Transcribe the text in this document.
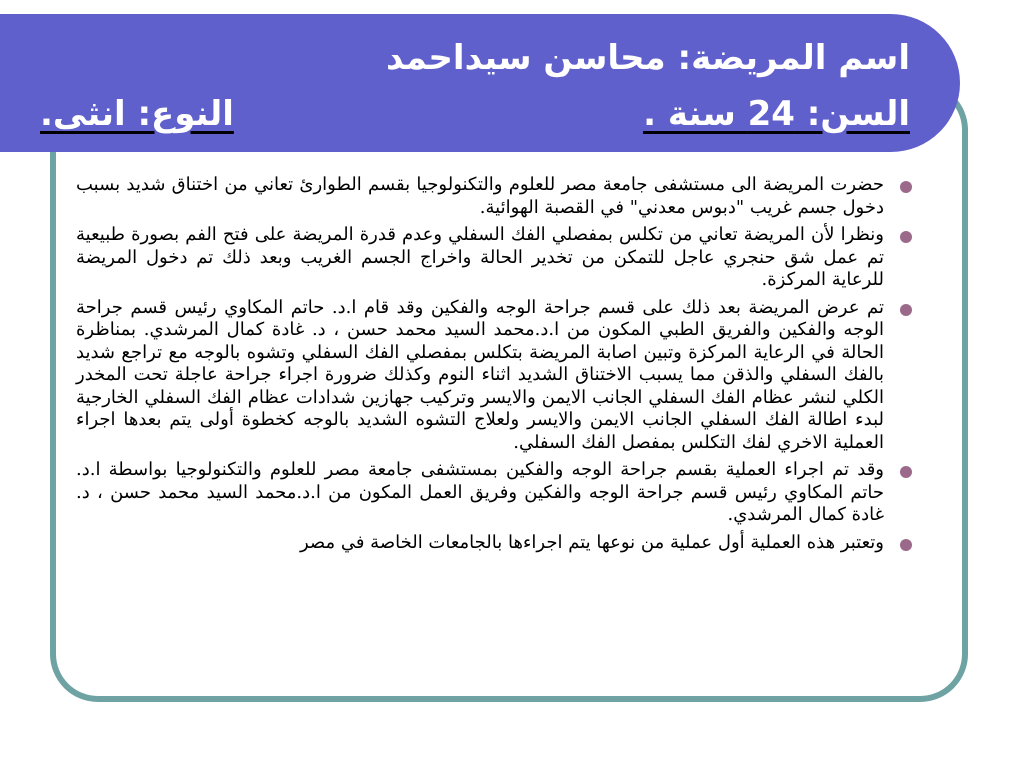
اسم المريضة: محاسن سيداحمد
السن: 24 سنة .
النوع: انثى.
حضرت المريضة الى مستشفى جامعة مصر للعلوم والتكنولوجيا بقسم الطوارئ تعاني من اختناق شديد بسبب دخول جسم غريب "دبوس معدني" في القصبة الهوائية.
ونظرا لأن المريضة تعاني من تكلس بمفصلي الفك السفلي وعدم قدرة المريضة على فتح الفم بصورة طبيعية تم عمل شق حنجري عاجل للتمكن من تخدير الحالة واخراج الجسم الغريب وبعد ذلك تم دخول المريضة للرعاية المركزة.
تم عرض المريضة بعد ذلك على قسم جراحة الوجه والفكين وقد قام ا.د. حاتم المكاوي رئيس قسم جراحة الوجه والفكين والفريق الطبي المكون من ا.د.محمد السيد محمد حسن ، د. غادة كمال المرشدي. بمناظرة الحالة في الرعاية المركزة وتبين اصابة المريضة بتكلس بمفصلي الفك السفلي وتشوه بالوجه مع تراجع شديد بالفك السفلي والذقن مما يسبب الاختناق الشديد اثناء النوم وكذلك ضرورة اجراء جراحة عاجلة تحت المخدر الكلي لنشر عظام الفك السفلي الجانب الايمن والايسر وتركيب جهازين شدادات عظام الفك السفلي الخارجية لبدء اطالة الفك السفلي الجانب الايمن والايسر ولعلاج التشوه الشديد بالوجه كخطوة أولى يتم بعدها اجراء العملية الاخري لفك التكلس بمفصل الفك السفلي.
وقد تم اجراء العملية بقسم جراحة الوجه والفكين بمستشفى جامعة مصر للعلوم والتكنولوجيا بواسطة ا.د. حاتم المكاوي رئيس قسم جراحة الوجه والفكين وفريق العمل المكون من ا.د.محمد السيد محمد حسن ، د. غادة كمال المرشدي.
وتعتبر هذه العملية أول عملية من نوعها يتم اجراءها بالجامعات الخاصة في مصر
